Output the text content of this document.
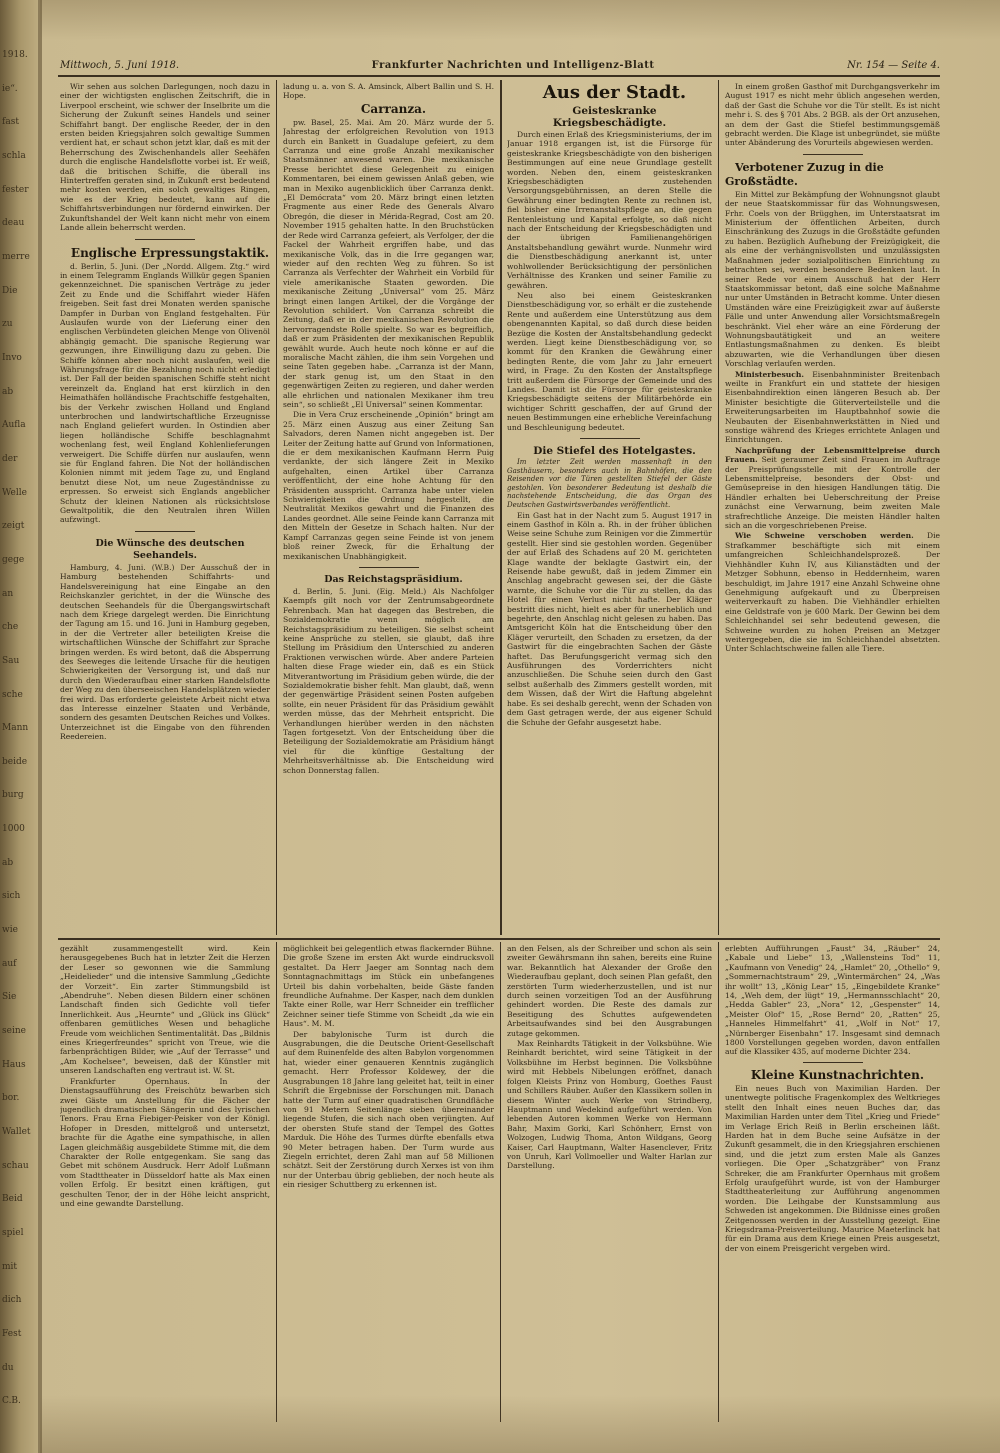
1918.
ie“.
fast
schla
fester
deau
merre
Die
zu
Invo
ab
Aufla
der
Welle
zeigt
gege
an
che
Sau
sche
Mann
beide
burg
1000
ab
sich
wie
auf
Sie
seine
Haus
bor.
Wallet
schau
Beid
spiel
mit
dich
Fest
du
C.B.
Mittwoch, 5. Juni 1918.	Frankfurter Nachrichten und Intelligenz-Blatt	Nr. 154 — Seite 4.

Wir sehen aus solchen Darlegungen, noch dazu in einer der wichtigsten englischen Zeitschrift, die in Liverpool erscheint, wie schwer der Inselbrite um die Sicherung der Zukunft seines Handels und seiner Schiffahrt bangt. Der englische Reeder, der in den ersten beiden Kriegsjahren solch gewaltige Summen verdient hat, er schaut schon jetzt klar, daß es mit der Beherrschung des Zwischenhandels aller Seehäfen durch die englische Handelsflotte vorbei ist. Er weiß, daß die britischen Schiffe, die überall ins Hintertreffen geraten sind, in Zukunft erst bedeutend mehr kosten werden, ein solch gewaltiges Ringen, wie es der Krieg bedeutet, kann auf die Schiffahrtsverbindungen nur fördernd einwirken. Der Zukunftshandel der Welt kann nicht mehr von einem Lande allein beherrscht werden.

Englische Erpressungstaktik.

d. Berlin, 5. Juni. (Der „Nordd. Allgem. Ztg.“ wird in einem Telegramm Englands Willkür gegen Spanien gekennzeichnet. Die spanischen Verträge zu jeder Zeit zu Ende und die Schiffahrt wieder Häfen freigeben. Seit fast drei Monaten werden spanische Dampfer in Durban von England festgehalten. Für Auslaufen wurde von der Lieferung einer den englischen Verbündeten gleichen Menge von Olivenöl abhängig gemacht. Die spanische Regierung war gezwungen, ihre Einwilligung dazu zu geben. Die Schiffe können aber noch nicht auslaufen, weil die Währungsfrage für die Bezahlung noch nicht erledigt ist. Der Fall der beiden spanischen Schiffe steht nicht vereinzelt da. England hat erst kürzlich in den Heimathäfen holländische Frachtschiffe festgehalten, bis der Verkehr zwischen Holland und England unterbrochen und landwirtschaftliche Erzeugnisse nach England geliefert wurden. In Ostindien aber liegen holländische Schiffe beschlagnahmt wochenlang fest, weil England Kohlenlieferungen verweigert. Die Schiffe dürfen nur auslaufen, wenn sie für England fahren. Die Not der holländischen Kolonien nimmt mit jedem Tage zu, und England benutzt diese Not, um neue Zugeständnisse zu erpressen. So erweist sich Englands angeblicher Schutz der kleinen Nationen als rücksichtslose Gewaltpolitik, die den Neutralen ihren Willen aufzwingt.

Die Wünsche des deutschen Seehandels.

Hamburg, 4. Juni. (W.B.) Der Ausschuß der in Hamburg bestehenden Schiffahrts- und Handelsvereinigung hat eine Eingabe an den Reichskanzler gerichtet, in der die Wünsche des deutschen Seehandels für die Übergangswirtschaft nach dem Kriege dargelegt werden. Die Einrichtung der Tagung am 15. und 16. Juni in Hamburg gegeben, in der die Vertreter aller beteiligten Kreise die wirtschaftlichen Wünsche der Schiffahrt zur Sprache bringen werden. Es wird betont, daß die Absperrung des Seeweges die leitende Ursache für die heutigen Schwierigkeiten der Versorgung ist, und daß nur durch den Wiederaufbau einer starken Handelsflotte der Weg zu den überseeischen Handelsplätzen wieder frei wird. Das erforderte geleistete Arbeit nicht etwa das Interesse einzelner Staaten und Verbände, sondern des gesamten Deutschen Reiches und Volkes. Unterzeichnet ist die Eingabe von den führenden Reedereien.

ladung u. a. von S. A. Amsinck, Albert Ballin und S. H. Hope.

Carranza.

pw. Basel, 25. Mai. Am 20. März wurde der 5. Jahrestag der erfolgreichen Revolution von 1913 durch ein Bankett in Guadalupe gefeiert, zu dem Carranza und eine große Anzahl mexikanischer Staatsmänner anwesend waren. Die mexikanische Presse berichtet diese Gelegenheit zu einigen Kommentaren, bei einem gewissen Anlaß geben, wie man in Mexiko augenblicklich über Carranza denkt. „El Demócrata“ vom 20. März bringt einen letzten Fragmente aus einer Rede des Generals Alvaro Obregón, die dieser in Mérida-Regrad, Cost am 20. November 1915 gehalten hatte. In den Bruchstücken der Rede wird Carranza gefeiert, als Verfolger, der die Fackel der Wahrheit ergriffen habe, und das mexikanische Volk, das in die Irre gegangen war, wieder auf den rechten Weg zu führen. So ist Carranza als Verfechter der Wahrheit ein Vorbild für viele amerikanische Staaten geworden. Die mexikanische Zeitung „Universal“ vom 25. März bringt einen langen Artikel, der die Vorgänge der Revolution schildert. Von Carranza schreibt die Zeitung, daß er in der mexikanischen Revolution die hervorragendste Rolle spielte. So war es begreiflich, daß er zum Präsidenten der mexikanischen Republik gewählt wurde. Auch heute noch könne er auf die moralische Macht zählen, die ihm sein Vorgehen und seine Taten gegeben habe. „Carranza ist der Mann, der stark genug ist, um den Staat in den gegenwärtigen Zeiten zu regieren, und daher werden alle ehrlichen und nationalen Mexikaner ihm treu sein“, so schließt „El Universal“ seinen Kommentar.

Die in Vera Cruz erscheinende „Opinión“ bringt am 25. März einen Auszug aus einer Zeitung San Salvadors, deren Namen nicht angegeben ist. Der Leiter der Zeitung hatte auf Grund von Informationen, die er dem mexikanischen Kaufmann Herrn Puig verdankte, der sich längere Zeit in Mexiko aufgehalten, einen Artikel über Carranza veröffentlicht, der eine hohe Achtung für den Präsidenten ausspricht. Carranza habe unter vielen Schwierigkeiten die Ordnung hergestellt, die Neutralität Mexikos gewahrt und die Finanzen des Landes geordnet. Alle seine Feinde kann Carranza mit den Mitteln der Gesetze in Schach halten. Nur der Kampf Carranzas gegen seine Feinde ist von jenem bloß reiner Zweck, für die Erhaltung der mexikanischen Unabhängigkeit.

Das Reichstagspräsidium.

d. Berlin, 5. Juni. (Eig. Meld.) Als Nachfolger Kaempfs gilt noch vor der Zentrumsabgeordnete Fehrenbach. Man hat dagegen das Bestreben, die Sozialdemokratie wenn möglich am Reichstagspräsidium zu beteiligen. Sie selbst scheint keine Ansprüche zu stellen, sie glaubt, daß ihre Stellung im Präsidium den Unterschied zu anderen Fraktionen verwischen würde. Aber andere Parteien halten diese Frage wieder ein, daß es ein Stück Mitverantwortung im Präsidium geben würde, die der Sozialdemokratie bisher fehlt. Man glaubt, daß, wenn der gegenwärtige Präsident seinen Posten aufgeben sollte, ein neuer Präsident für das Präsidium gewählt werden müsse, das der Mehrheit entspricht. Die Verhandlungen hierüber werden in den nächsten Tagen fortgesetzt. Von der Entscheidung über die Beteiligung der Sozialdemokratie am Präsidium hängt viel für die künftige Gestaltung der Mehrheitsverhältnisse ab. Die Entscheidung wird schon Donnerstag fallen.

Aus der Stadt.

Geisteskranke Kriegsbeschädigte.

Durch einen Erlaß des Kriegsministeriums, der im Januar 1918 ergangen ist, ist die Fürsorge für geisteskranke Kriegsbeschädigte von den bisherigen Bestimmungen auf eine neue Grundlage gestellt worden. Neben den, einem geisteskranken Kriegsbeschädigten zustehenden Versorgungsgebührnissen, an deren Stelle die Gewährung einer bedingten Rente zu rechnen ist, fiel bisher eine Irrenanstaltspflege an, die gegen Rentenleistung und Kapital erfolgte, so daß nicht nach der Entscheidung der Kriegsbeschädigten und der übrigen Familienangehörigen Anstaltsbehandlung gewährt wurde. Nunmehr wird die Dienstbeschädigung anerkannt ist, unter wohlwollender Berücksichtigung der persönlichen Verhältnisse des Kranken und seiner Familie zu gewähren.

Neu also bei einem Geisteskranken Dienstbeschädigung vor, so erhält er die zustehende Rente und außerdem eine Unterstützung aus dem obengenannten Kapital, so daß durch diese beiden Bezüge die Kosten der Anstaltsbehandlung gedeckt werden. Liegt keine Dienstbeschädigung vor, so kommt für den Kranken die Gewährung einer bedingten Rente, die vom Jahr zu Jahr erneuert wird, in Frage. Zu den Kosten der Anstaltspflege tritt außerdem die Fürsorge der Gemeinde und des Landes. Damit ist die Fürsorge für geisteskranke Kriegsbeschädigte seitens der Militärbehörde ein wichtiger Schritt geschaffen, der auf Grund der neuen Bestimmungen eine erhebliche Vereinfachung und Beschleunigung bedeutet.

Die Stiefel des Hotelgastes.

Im letzter Zeit werden massenhaft in den Gasthäusern, besonders auch in Bahnhöfen, die den Reisenden vor die Türen gestellten Stiefel der Gäste gestohlen. Von besonderer Bedeutung ist deshalb die nachstehende Entscheidung, die das Organ des Deutschen Gastwirtsverbandes veröffentlicht.

Ein Gast hat in der Nacht zum 5. August 1917 in einem Gasthof in Köln a. Rh. in der früher üblichen Weise seine Schuhe zum Reinigen vor die Zimmertür gestellt. Hier sind sie gestohlen worden. Gegenüber der auf Erlaß des Schadens auf 20 M. gerichteten Klage wandte der beklagte Gastwirt ein, der Reisende habe gewußt, daß in jedem Zimmer ein Anschlag angebracht gewesen sei, der die Gäste warnte, die Schuhe vor die Tür zu stellen, da das Hotel für einen Verlust nicht hafte. Der Kläger bestritt dies nicht, hielt es aber für unerheblich und begehrte, den Anschlag nicht gelesen zu haben. Das Amtsgericht Köln hat die Entscheidung über den Kläger verurteilt, den Schaden zu ersetzen, da der Gastwirt für die eingebrachten Sachen der Gäste haftet. Das Berufungsgericht vermag sich den Ausführungen des Vorderrichters nicht anzuschließen. Die Schuhe seien durch den Gast selbst außerhalb des Zimmers gestellt worden, mit dem Wissen, daß der Wirt die Haftung abgelehnt habe. Es sei deshalb gerecht, wenn der Schaden von dem Gast getragen werde, der aus eigener Schuld die Schuhe der Gefahr ausgesetzt habe.

In einem großen Gasthof mit Durchgangsverkehr im August 1917 es nicht mehr üblich angesehen werden, daß der Gast die Schuhe vor die Tür stellt. Es ist nicht mehr i. S. des § 701 Abs. 2 BGB. als der Ort anzusehen, an dem der Gast die Stiefel bestimmungsgemäß gebracht werden. Die Klage ist unbegründet, sie müßte unter Abänderung des Vorurteils abgewiesen werden.

Verbotener Zuzug in die Großstädte.

Ein Mittel zur Bekämpfung der Wohnungsnot glaubt der neue Staatskommissar für das Wohnungswesen, Frhr. Coels von der Brügghen, im Unterstaatsrat im Ministerium der öffentlichen Arbeiten, durch Einschränkung des Zuzugs in die Großstädte gefunden zu haben. Bezüglich Aufhebung der Freizügigkeit, die als eine der verhängnisvollsten und unzulässigsten Maßnahmen jeder sozialpolitischen Einrichtung zu betrachten sei, werden besondere Bedenken laut. In seiner Rede vor einem Ausschuß hat der Herr Staatskommissar betont, daß eine solche Maßnahme nur unter Umständen in Betracht komme. Unter diesen Umständen wäre eine Freizügigkeit zwar auf äußerste Fälle und unter Anwendung aller Vorsichtsmaßregeln beschränkt. Viel eher wäre an eine Förderung der Wohnungsbautätigkeit und an weitere Entlastungsmaßnahmen zu denken. Es bleibt abzuwarten, wie die Verhandlungen über diesen Vorschlag verlaufen werden.

Ministerbesuch. Eisenbahnminister Breitenbach weilte in Frankfurt ein und stattete der hiesigen Eisenbahndirektion einen längeren Besuch ab. Der Minister besichtigte die Güterverteilstelle und die Erweiterungsarbeiten im Hauptbahnhof sowie die Neubauten der Eisenbahnwerkstätten in Nied und sonstige während des Krieges errichtete Anlagen und Einrichtungen.

Nachprüfung der Lebensmittelpreise durch Frauen. Seit geraumer Zeit sind Frauen im Auftrage der Preisprüfungsstelle mit der Kontrolle der Lebensmittelpreise, besonders der Obst- und Gemüsepreise in den hiesigen Handlungen tätig. Die Händler erhalten bei Ueberschreitung der Preise zunächst eine Verwarnung, beim zweiten Male strafrechtliche Anzeige. Die meisten Händler halten sich an die vorgeschriebenen Preise.

Wie Schweine verschoben werden. Die Strafkammer beschäftigte sich mit einem umfangreichen Schleichhandelsprozeß. Der Viehhändler Kuhn IV, aus Kilianstädten und der Metzger Sobhunn, ebenso in Heddernheim, waren beschuldigt, im Jahre 1917 eine Anzahl Schweine ohne Genehmigung aufgekauft und zu Überpreisen weiterverkauft zu haben. Die Viehhändler erhielten eine Geldstrafe von je 600 Mark. Der Gewinn bei dem Schleichhandel sei sehr bedeutend gewesen, die Schweine wurden zu hohen Preisen an Metzger weitergegeben, die sie im Schleichhandel absetzten. Unter Schlachtschweine fallen alle Tiere.

gezählt zusammengestellt wird. Kein herausgegebenes Buch hat in letzter Zeit die Herzen der Leser so gewonnen wie die Sammlung „Heidelieder“ und die intensive Sammlung „Gedichte der Vorzeit“. Ein zarter Stimmungsbild ist „Abendruhe“. Neben diesen Bildern einer schönen Landschaft finden sich Gedichte voll tiefer Innerlichkeit. Aus „Heurnte“ und „Glück ins Glück“ offenbaren gemütliches Wesen und behagliche Freude vom weichlichen Sentimentalität. Das „Bildnis eines Kriegerfreundes“ spricht von Treue, wie die farbenprächtigen Bilder, wie „Auf der Terrasse“ und „Am Kochelsee“, beweisen, daß der Künstler mit unseren Landschaften eng vertraut ist. W. St.

Frankfurter Opernhaus. In der Dienstagsaufführung des Freischütz bewarben sich zwei Gäste um Anstellung für die Fächer der jugendlich dramatischen Sängerin und des lyrischen Tenors. Frau Erna Fiebiger-Peisker von der Königl. Hofoper in Dresden, mittelgroß und untersetzt, brachte für die Agathe eine sympathische, in allen Lagen gleichmäßig ausgebildete Stimme mit, die dem Charakter der Rolle entgegenkam. Sie sang das Gebet mit schönem Ausdruck. Herr Adolf Lußmann vom Stadttheater in Düsseldorf hatte als Max einen vollen Erfolg. Er besitzt einen kräftigen, gut geschulten Tenor, der in der Höhe leicht anspricht, und eine gewandte Darstellung.

möglichkeit bei gelegentlich etwas flackernder Bühne. Die große Szene im ersten Akt wurde eindrucksvoll gestaltet. Da Herr Jaeger am Sonntag nach dem Sonntagnachmittags im Stück ein unbefangenes Urteil bis dahin vorbehalten, beide Gäste fanden freundliche Aufnahme. Der Kasper, nach dem dunklen Takte einer Rolle, war Herr Schneider ein trefflicher Zeichner seiner tiefe Stimme von Scheidt „da wie ein Haus“. M. M.

Der babylonische Turm ist durch die Ausgrabungen, die die Deutsche Orient-Gesellschaft auf dem Ruinenfelde des alten Babylon vorgenommen hat, wieder einer genaueren Kenntnis zugänglich gemacht. Herr Professor Koldewey, der die Ausgrabungen 18 Jahre lang geleitet hat, teilt in einer Schrift die Ergebnisse der Forschungen mit. Danach hatte der Turm auf einer quadratischen Grundfläche von 91 Metern Seitenlänge sieben übereinander liegende Stufen, die sich nach oben verjüngten. Auf der obersten Stufe stand der Tempel des Gottes Marduk. Die Höhe des Turmes dürfte ebenfalls etwa 90 Meter betragen haben. Der Turm wurde aus Ziegeln errichtet, deren Zahl man auf 58 Millionen schätzt. Seit der Zerstörung durch Xerxes ist von ihm nur der Unterbau übrig geblieben, der noch heute als ein riesiger Schuttberg zu erkennen ist.

an den Felsen, als der Schreiber und schon als sein zweiter Gewährsmann ihn sahen, bereits eine Ruine war. Bekanntlich hat Alexander der Große den Wiederaufbau geplant, doch seinen Plan gefaßt, den zerstörten Turm wiederherzustellen, und ist nur durch seinen vorzeitigen Tod an der Ausführung gehindert worden. Die Reste des damals zur Beseitigung des Schuttes aufgewendeten Arbeitsaufwandes sind bei den Ausgrabungen zutage gekommen.

Max Reinhardts Tätigkeit in der Volksbühne. Wie Reinhardt berichtet, wird seine Tätigkeit in der Volksbühne im Herbst beginnen. Die Volksbühne wird mit Hebbels Nibelungen eröffnet, danach folgen Kleists Prinz von Homburg, Goethes Faust und Schillers Räuber. Außer den Klassikern sollen in diesem Winter auch Werke von Strindberg, Hauptmann und Wedekind aufgeführt werden. Von lebenden Autoren kommen Werke von Hermann Bahr, Maxim Gorki, Karl Schönherr, Ernst von Wolzogen, Ludwig Thoma, Anton Wildgans, Georg Kaiser, Carl Hauptmann, Walter Hasenclever, Fritz von Unruh, Karl Vollmoeller und Walter Harlan zur Darstellung.

erlebten Aufführungen „Faust“ 34, „Räuber“ 24, „Kabale und Liebe“ 13, „Wallensteins Tod“ 11, „Kaufmann von Venedig“ 24, „Hamlet“ 20, „Othello“ 9, „Sommernachtstraum“ 29, „Wintermärchen“ 24, „Was ihr wollt“ 13, „König Lear“ 15, „Eingebildete Kranke“ 14, „Weh dem, der lügt“ 19, „Hermannsschlacht“ 20, „Hedda Gabler“ 23, „Nora“ 12, „Gespenster“ 14, „Meister Olof“ 15, „Rose Bernd“ 20, „Ratten“ 25, „Hanneles Himmelfahrt“ 41, „Wolf in Not“ 17, „Nürnberger Eisenbahn“ 17. Insgesamt sind demnach 1800 Vorstellungen gegeben worden, davon entfallen auf die Klassiker 435, auf moderne Dichter 234.

Kleine Kunstnachrichten.

Ein neues Buch von Maximilian Harden. Der unentwegte politische Fragenkomplex des Weltkrieges stellt den Inhalt eines neuen Buches dar, das Maximilian Harden unter dem Titel „Krieg und Friede“ im Verlage Erich Reiß in Berlin erscheinen läßt. Harden hat in dem Buche seine Aufsätze in der Zukunft gesammelt, die in den Kriegsjahren erschienen sind, und die jetzt zum ersten Male als Ganzes vorliegen. Die Oper „Schatzgräber“ von Franz Schreker, die am Frankfurter Opernhaus mit großem Erfolg uraufgeführt wurde, ist von der Hamburger Stadttheaterleitung zur Aufführung angenommen worden. Die Leihgabe der Kunstsammlung aus Schweden ist angekommen. Die Bildnisse eines großen Zeitgenossen werden in der Ausstellung gezeigt. Eine Kriegsdrama-Preisverteilung. Maurice Maeterlinck hat für ein Drama aus dem Kriege einen Preis ausgesetzt, der von einem Preisgericht vergeben wird.
